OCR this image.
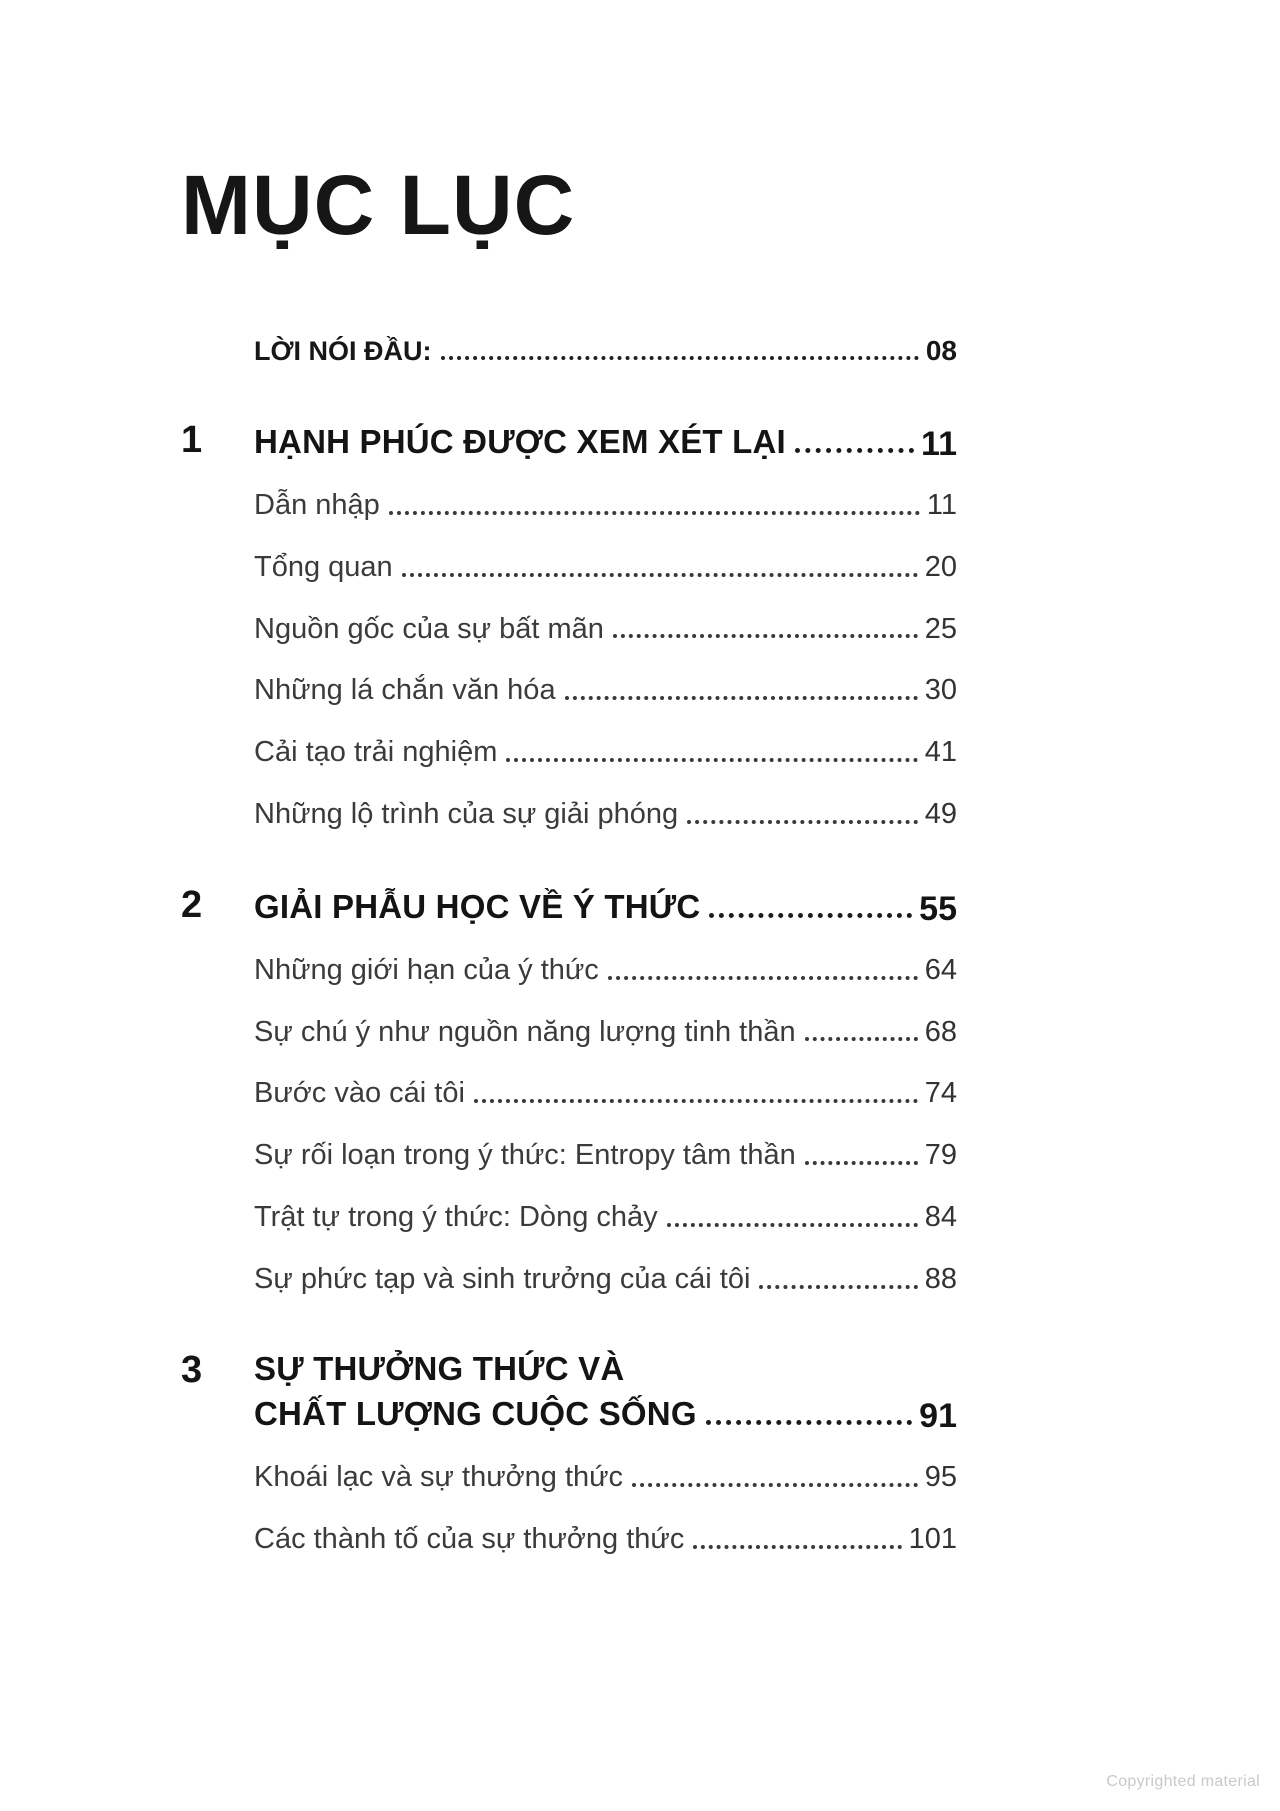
MỤC LỤC
LỜI NÓI ĐẦU:	08
1	HẠNH PHÚC ĐƯỢC XEM XÉT LẠI	11
Dẫn nhập	11
Tổng quan	20
Nguồn gốc của sự bất mãn	25
Những lá chắn văn hóa	30
Cải tạo trải nghiệm	41
Những lộ trình của sự giải phóng	49
2	GIẢI PHẪU HỌC VỀ Ý THỨC	55
Những giới hạn của ý thức	64
Sự chú ý như nguồn năng lượng tinh thần	68
Bước vào cái tôi	74
Sự rối loạn trong ý thức: Entropy tâm thần	79
Trật tự trong ý thức: Dòng chảy	84
Sự phức tạp và sinh trưởng của cái tôi	88
3	SỰ THƯỞNG THỨC VÀ
CHẤT LƯỢNG CUỘC SỐNG	91
Khoái lạc và sự thưởng thức	95
Các thành tố của sự thưởng thức	101
Copyrighted material
